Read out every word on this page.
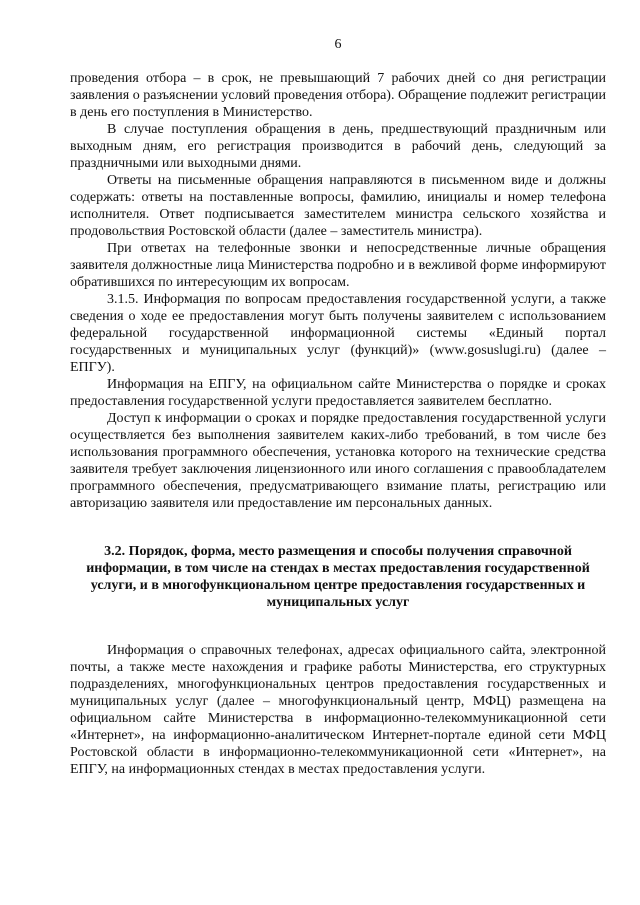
6

проведения отбора – в срок, не превышающий 7 рабочих дней со дня регистрации заявления о разъяснении условий проведения отбора). Обращение подлежит регистрации в день его поступления в Министерство.

В случае поступления обращения в день, предшествующий праздничным или выходным дням, его регистрация производится в рабочий день, следующий за праздничными или выходными днями.

Ответы на письменные обращения направляются в письменном виде и должны содержать: ответы на поставленные вопросы, фамилию, инициалы и номер телефона исполнителя. Ответ подписывается заместителем министра сельского хозяйства и продовольствия Ростовской области (далее – заместитель министра).

При ответах на телефонные звонки и непосредственные личные обращения заявителя должностные лица Министерства подробно и в вежливой форме информируют обратившихся по интересующим их вопросам.

3.1.5. Информация по вопросам предоставления государственной услуги, а также сведения о ходе ее предоставления могут быть получены заявителем с использованием федеральной государственной информационной системы «Единый портал государственных и муниципальных услуг (функций)» (www.gosuslugi.ru) (далее – ЕПГУ).

Информация на ЕПГУ, на официальном сайте Министерства о порядке и сроках предоставления государственной услуги предоставляется заявителем бесплатно.

Доступ к информации о сроках и порядке предоставления государственной услуги осуществляется без выполнения заявителем каких-либо требований, в том числе без использования программного обеспечения, установка которого на технические средства заявителя требует заключения лицензионного или иного соглашения с правообладателем программного обеспечения, предусматривающего взимание платы, регистрацию или авторизацию заявителя или предоставление им персональных данных.

3.2. Порядок, форма, место размещения и способы получения справочной информации, в том числе на стендах в местах предоставления государственной услуги, и в многофункциональном центре предоставления государственных и муниципальных услуг

Информация о справочных телефонах, адресах официального сайта, электронной почты, а также месте нахождения и графике работы Министерства, его структурных подразделениях, многофункциональных центров предоставления государственных и муниципальных услуг (далее – многофункциональный центр, МФЦ) размещена на официальном сайте Министерства в информационно-телекоммуникационной сети «Интернет», на информационно-аналитическом Интернет-портале единой сети МФЦ Ростовской области в информационно-телекоммуникационной сети «Интернет», на ЕПГУ, на информационных стендах в местах предоставления услуги.
